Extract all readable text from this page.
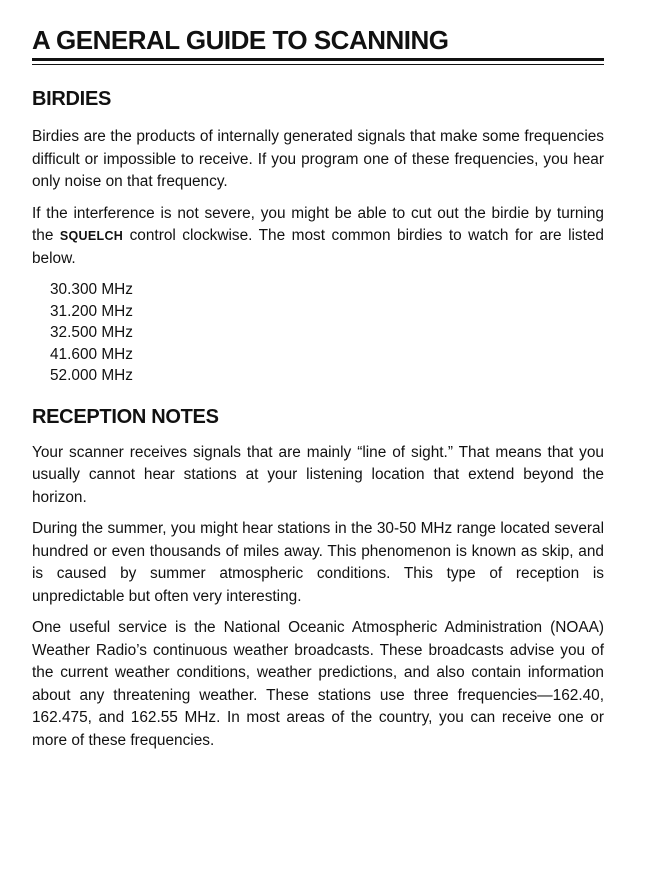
A GENERAL GUIDE TO SCANNING
BIRDIES

Birdies are the products of internally generated signals that make some frequencies difficult or impossible to receive. If you program one of these frequencies, you hear only noise on that frequency.

If the interference is not severe, you might be able to cut out the birdie by turning the SQUELCH control clockwise. The most common birdies to watch for are listed below.

30.300 MHz
31.200 MHz
32.500 MHz
41.600 MHz
52.000 MHz
RECEPTION NOTES

Your scanner receives signals that are mainly “line of sight.” That means that you usually cannot hear stations at your listening location that extend beyond the horizon.

During the summer, you might hear stations in the 30-50 MHz range located several hundred or even thousands of miles away. This phenomenon is known as skip, and is caused by summer atmospheric conditions. This type of reception is unpredictable but often very interesting.

One useful service is the National Oceanic Atmospheric Administration (NOAA) Weather Radio’s continuous weather broadcasts. These broadcasts advise you of the current weather conditions, weather predictions, and also contain information about any threatening weather. These stations use three frequencies—162.40, 162.475, and 162.55 MHz. In most areas of the country, you can receive one or more of these frequencies.
